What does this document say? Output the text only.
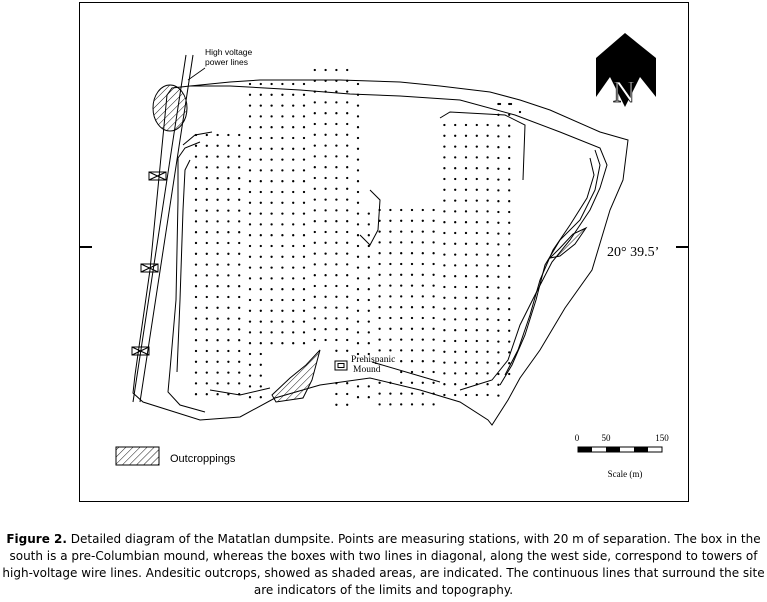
Prehispanic
Mound
High voltage
power lines
N
20° 39.5’
0 50	150
Scale (m)
Outcroppings
Figure 2. Detailed diagram of the Matatlan dumpsite. Points are measuring stations, with 20 m of separation. The box in the south is a pre-Columbian mound, whereas the boxes with two lines in diagonal, along the west side, correspond to towers of high-voltage wire lines. Andesitic outcrops, showed as shaded areas, are indicated. The continuous lines that surround the site are indicators of the limits and topography.
